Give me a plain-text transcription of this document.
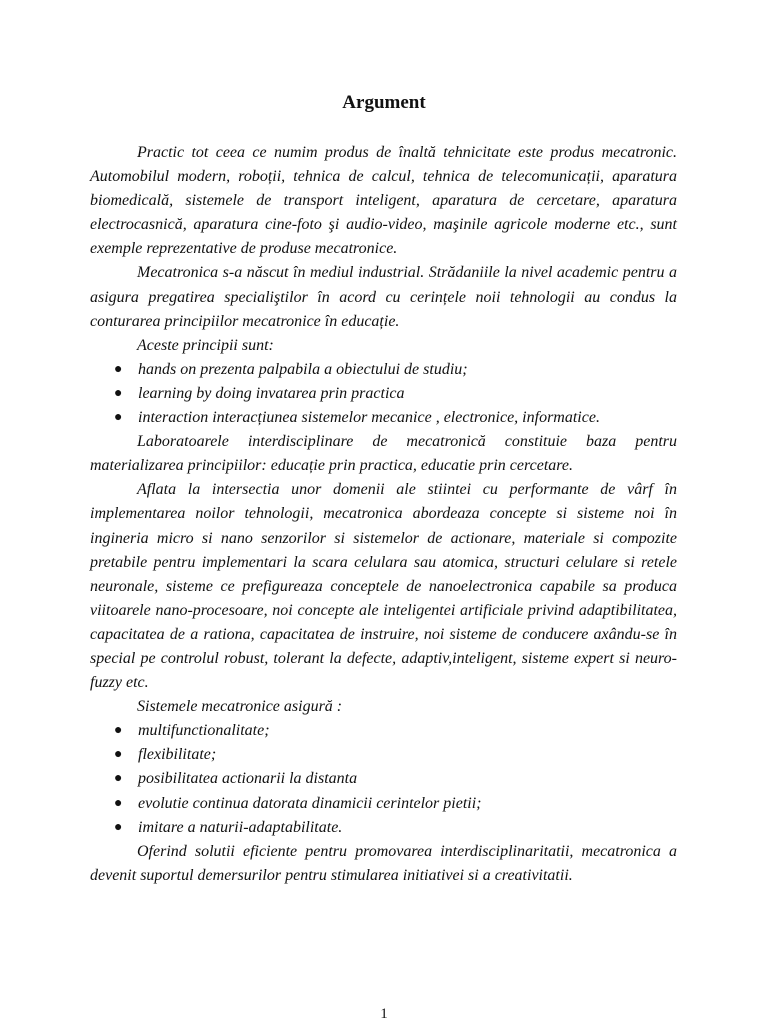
Argument

Practic tot ceea ce numim produs de înaltă tehnicitate este produs mecatronic. Automobilul modern, roboții, tehnica de calcul, tehnica de telecomunicații, aparatura biomedicală, sistemele de transport inteligent, aparatura de cercetare, aparatura electrocasnică, aparatura cine-foto şi audio-video, maşinile agricole moderne etc., sunt exemple reprezentative de produse mecatronice.

Mecatronica s-a născut în mediul industrial. Strădaniile la nivel academic pentru a asigura pregatirea specialiştilor în acord cu cerințele noii tehnologii au condus la conturarea principiilor mecatronice în educație.

Aceste principii sunt:

● hands on prezenta palpabila a obiectului de studiu;
● learning by doing invatarea prin practica
● interaction interacțiunea sistemelor mecanice , electronice, informatice.

Laboratoarele interdisciplinare de mecatronică constituie baza pentru materializarea principiilor: educație prin practica, educatie prin cercetare.

Aflata la intersectia unor domenii ale stiintei cu performante de vârf în implementarea noilor tehnologii, mecatronica abordeaza concepte si sisteme noi în ingineria micro si nano senzorilor si sistemelor de actionare, materiale si compozite pretabile pentru implementari la scara celulara sau atomica, structuri celulare si retele neuronale, sisteme ce prefigureaza conceptele de nanoelectronica capabile sa produca viitoarele nano-procesoare, noi concepte ale inteligentei artificiale privind adaptibilitatea, capacitatea de a rationa, capacitatea de instruire, noi sisteme de conducere axându-se în special pe controlul robust, tolerant la defecte, adaptiv,inteligent, sisteme expert si neuro-fuzzy etc.

Sistemele mecatronice asigură :

● multifunctionalitate;
● flexibilitate;
● posibilitatea actionarii la distanta
● evolutie continua datorata dinamicii cerintelor pietii;
● imitare a naturii-adaptabilitate.

Oferind solutii eficiente pentru promovarea interdisciplinaritatii, mecatronica a devenit suportul demersurilor pentru stimularea initiativei si a creativitatii.

1
